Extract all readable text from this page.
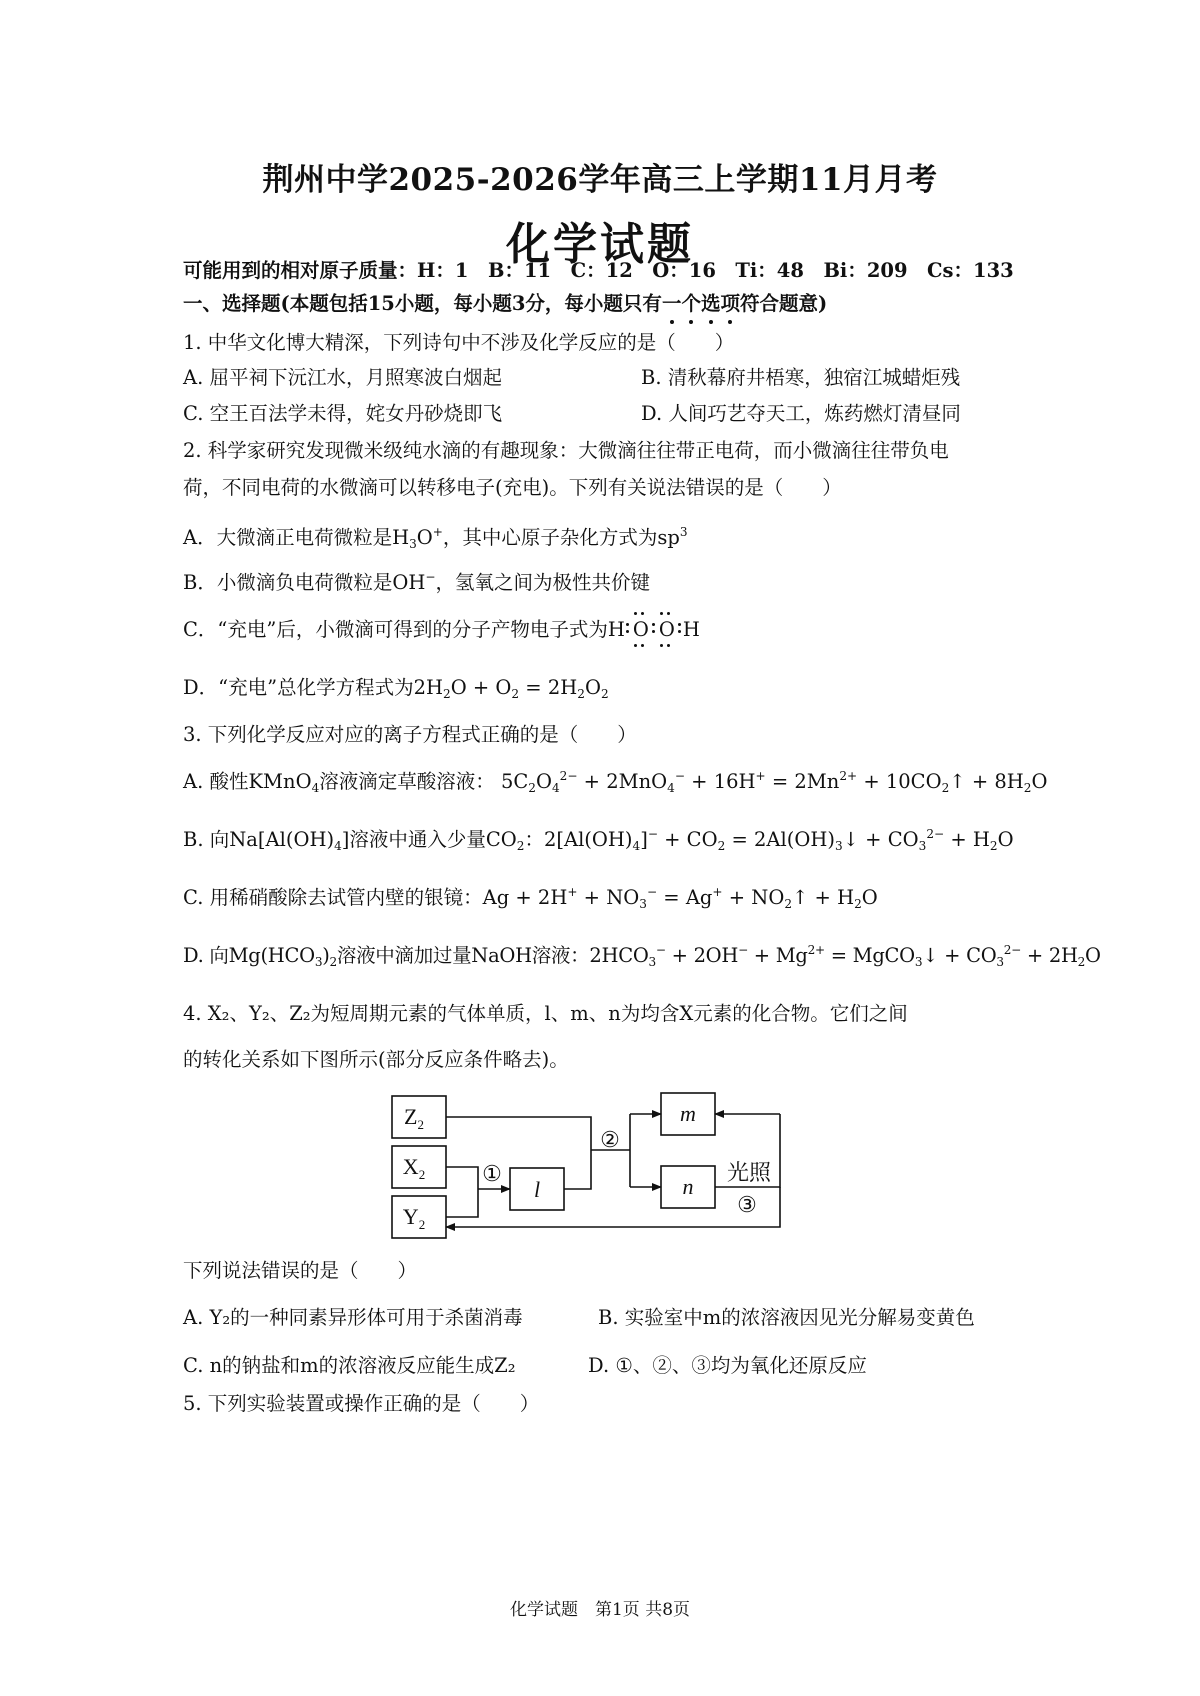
荆州中学2025-2026学年高三上学期11月月考
化学试题
可能用到的相对原子质量：H：1　B：11　C：12　O：16　Ti：48　Bi：209　Cs：133
一、选择题(本题包括15小题，每小题3分，每小题只有一
个
选
项
符合题意)
1. 中华文化博大精深，下列诗句中不涉及化学反应的是（　　）
A. 屈平祠下沅江水，月照寒波白烟起	B. 清秋幕府井梧寒，独宿江城蜡炬残
C. 空王百法学未得，姹女丹砂烧即飞	D. 人间巧艺夺天工，炼药燃灯清昼同
2. 科学家研究发现微米级纯水滴的有趣现象：大微滴往往带正电荷，而小微滴往往带负电
荷，不同电荷的水微滴可以转移电子(充电)。下列有关说法错误的是（　　）
A．大微滴正电荷微粒是$H_3O^+$，其中心原子杂化方式为$sp^3$
B．小微滴负电荷微粒是OH−，氢氧之间为极性共价键
C．“充电”后，小微滴可得到的分子产物电子式为H O O H
D．“充电”总化学方程式为$2H_2O + O_2 = 2H_2O_2$
3. 下列化学反应对应的离子方程式正确的是（　　）
A. 酸性KMnO$_4$溶液滴定草酸溶液： $5C_2O_4^{2-} + 2MnO_4^- + 16H^+ = 2Mn^{2+}$ + $10CO_2↑ + 8H_2O$
B. 向$Na[Al(OH)_4]$溶液中通入少量$CO_2$：$2[Al(OH)_4]^- + CO_2$ = $2Al(OH)_3↓ + CO_3^{2-} + H_2O$
C. 用稀硝酸除去试管内壁的银镜：$Ag + 2H^+ + NO_3^- = Ag^+$ + $NO_2↑ + H_2O$
D. 向$Mg(HCO_3)_2$溶液中滴加过量NaOH溶液：$2HCO_3^- + 2OH^- + Mg^{2+}$ = MgCO$_3$↓ + $CO_3^{2-} + 2H_2O$
4. X₂、Y₂、Z₂为短周期元素的气体单质，l、m、n为均含X元素的化合物。它们之间
的转化关系如下图所示(部分反应条件略去)。
$Z_2$
$X_2$
$Y_2$
l
m
n
①
②
光照
③
下列说法错误的是（　　）
A. Y₂的一种同素异形体可用于杀菌消毒	B. 实验室中m的浓溶液因见光分解易变黄色
C. n的钠盐和m的浓溶液反应能生成Z₂	D. ①、②、③均为氧化还原反应
5. 下列实验装置或操作正确的是（　　）
化学试题　第1页 共8页
